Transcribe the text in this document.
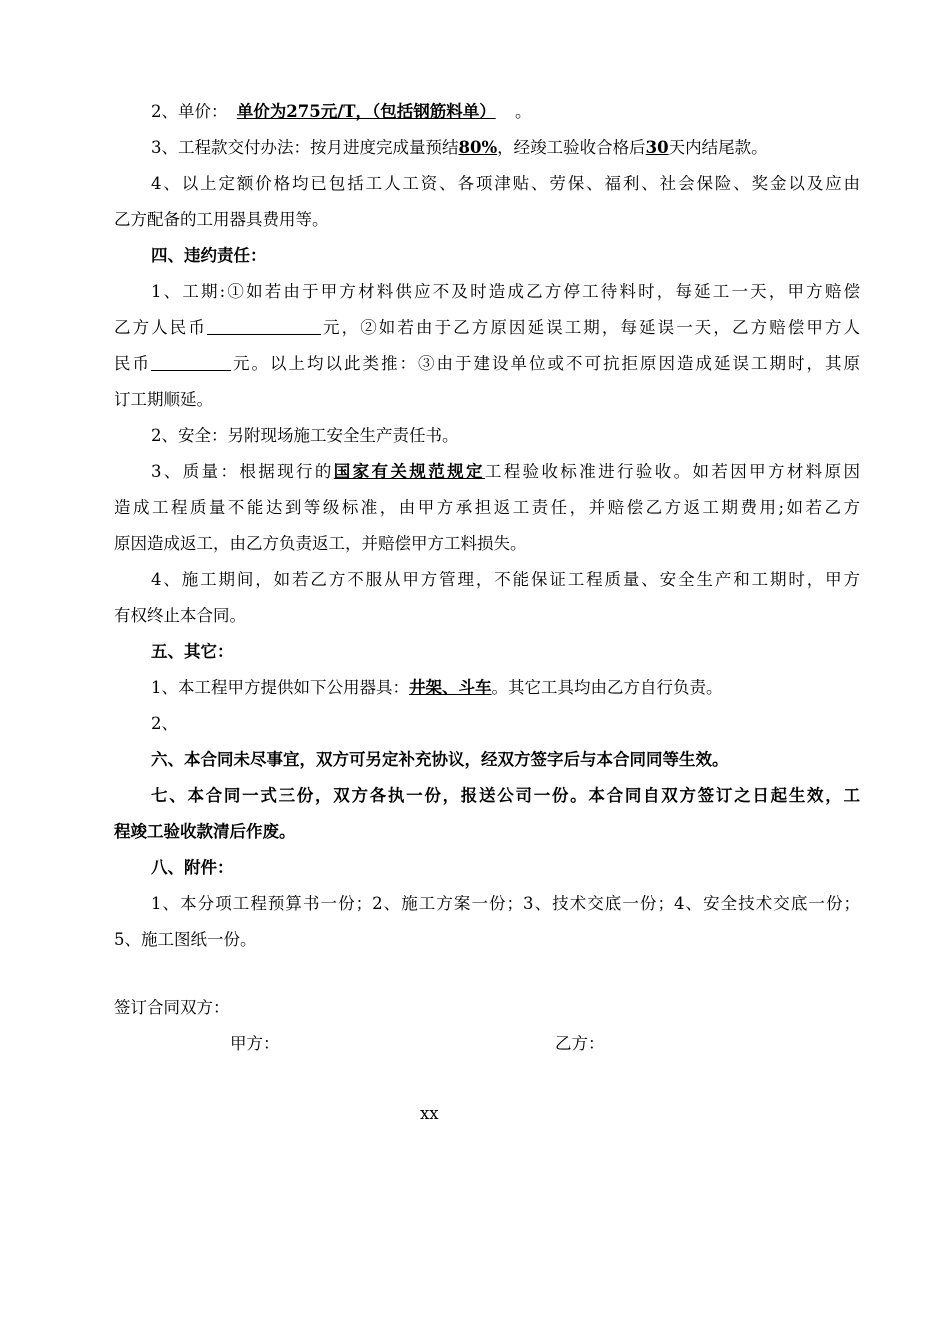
2、单价： 单价为275元/T，（包括钢筋料单） 。
3、工程款交付办法：按月进度完成量预结80%，经竣工验收合格后30天内结尾款。
4、以上定额价格均已包括工人工资、各项津贴、劳保、福利、社会保险、奖金以及应由
乙方配备的工用器具费用等。
四、违约责任：
1、工期:①如若由于甲方材料供应不及时造成乙方停工待料时，每延工一天，甲方赔偿
乙方人民币	元，②如若由于乙方原因延误工期，每延误一天，乙方赔偿甲方人
民币	元。以上均以此类推：③由于建设单位或不可抗拒原因造成延误工期时，其原
订工期顺延。
2、安全：另附现场施工安全生产责任书。
3、质量：根据现行的国家有关规范规定工程验收标准进行验收。如若因甲方材料原因
造成工程质量不能达到等级标准，由甲方承担返工责任，并赔偿乙方返工期费用;如若乙方
原因造成返工，由乙方负责返工，并赔偿甲方工料损失。
4、施工期间，如若乙方不服从甲方管理，不能保证工程质量、安全生产和工期时，甲方
有权终止本合同。
五、其它：
1、本工程甲方提供如下公用器具：井架、斗车。其它工具均由乙方自行负责。
2、
六、本合同未尽事宜，双方可另定补充协议，经双方签字后与本合同同等生效。
七、本合同一式三份，双方各执一份，报送公司一份。本合同自双方签订之日起生效，工
程竣工验收款清后作废。
八、附件：
1、本分项工程预算书一份；2、施工方案一份；3、技术交底一份；4、安全技术交底一份；
5、施工图纸一份。
签订合同双方：
甲方：	乙方：
xx
